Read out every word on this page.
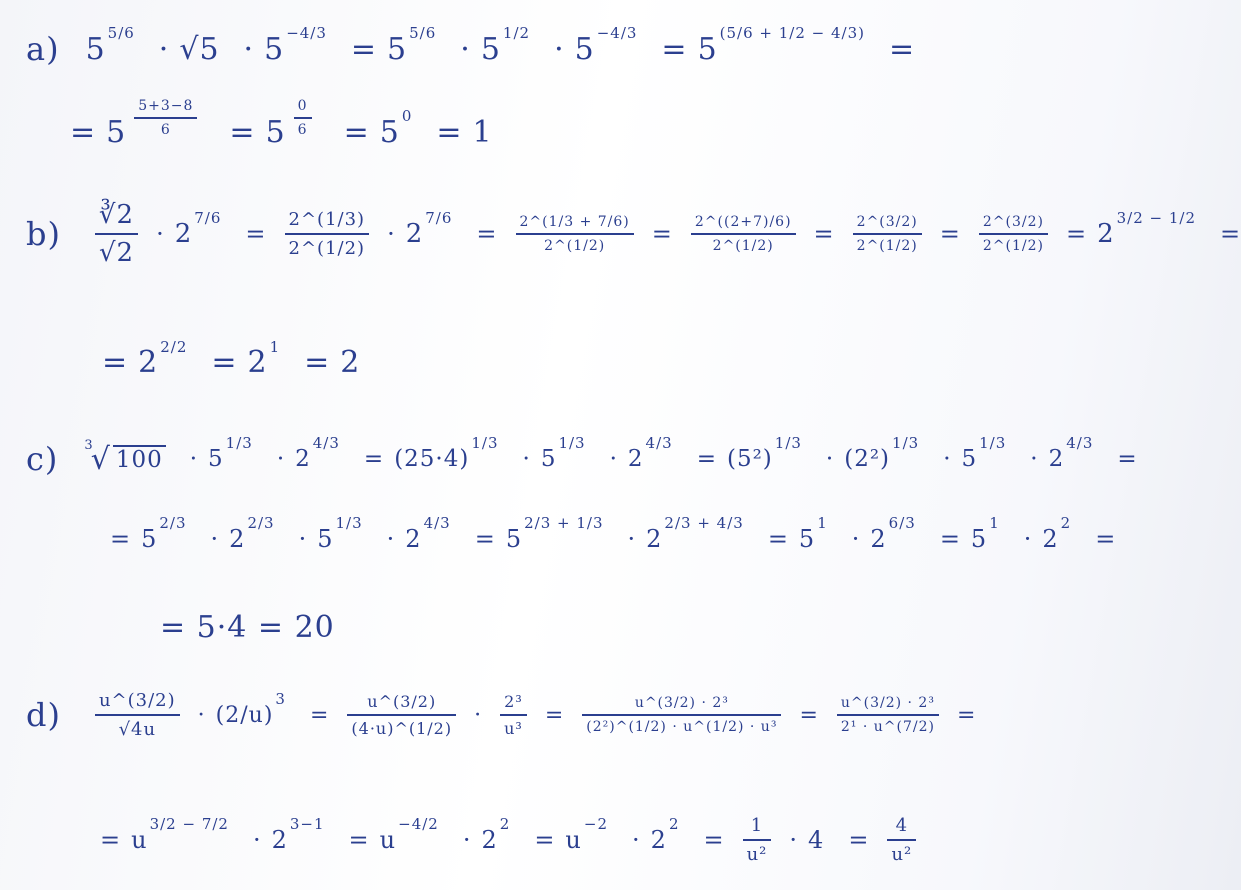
a) $5^{5/6} \cdot √5 \cdot 5^{-4/3} = 5^{5/6} \cdot 5^{1/2} \cdot 5^{-4/3} = 5^{(5/6 + 1/2 - 4/3)}$ =
= $5 \frac{5+3-8}{6} = 5 \frac{0}{6} = 5^0 = 1$
$b) \frac{∛2}{√2} \cdot 2$
$^{7/6}$
= $\frac{2\^{}(1/3)}{2\^{}(1/2)} \cdot 2$
$^{7/6}$
= $\frac{2\^{}(1/3 + 7/6)}{2\^{}(1/2)} = \frac{2\^{}((2+7)/6)}{2\^{}(1/2)} = \frac{2\^{}(3/2)}{2\^{}(1/2)} = \frac{2\^{}(3/2)}{2\^{}(1/2)} = 2$
$^{3/2 - 1/2}$
=
= $2^{2/2} = 2^1 = 2$
c) 3
√ 100 · 5
$^{1/3}$
· 2
$^{4/3}$
= (25·4)
$^{1/3}$
· 5
$^{1/3}$
· 2
$^{4/3}$
= (5²)
$^{1/3}$
· (2²)
$^{1/3}$
· 5
$^{1/3}$
· 2
$^{4/3}$
=
= 5
$^{2/3}$
· 2
$^{2/3}$
· 5
$^{1/3}$
· 2
$^{4/3}$
= 5
$^{2/3 + 1/3}$
· 2
$^{2/3 + 4/3}$
= 5
$^1$
· 2
$^{6/3}$
= 5
$^1$
· 2
$^2$
=
= 5·4 = 20
$d) \frac{u\^{}(3/2)}{√4u} \cdot (2/u)$
$^3$
= $\frac{u\^{}(3/2)}{(4\cdot u)\^{}(1/2)} \cdot \frac{\text{2³}}{\text{u³}} = \frac{\text{u\textasciicircum{}(3/2) · 2³}}{\text{(2²)\textasciicircum{}(1/2) · u\textasciicircum{}(1/2) · u³}} = \frac{\text{u\textasciicircum{}(3/2) · 2³}}{\text{2¹ · u\textasciicircum{}(7/2)}}$ =
= u
$^{3/2 - 7/2}$
· 2
$^{3-1}$
= u
$^{-4/2}$
· 2
$^2$
= u
$^{-2}$
· 2
$^2$
= $\frac{1}{\text{u²}} \cdot 4 = \frac{4}{\text{u²}}$
